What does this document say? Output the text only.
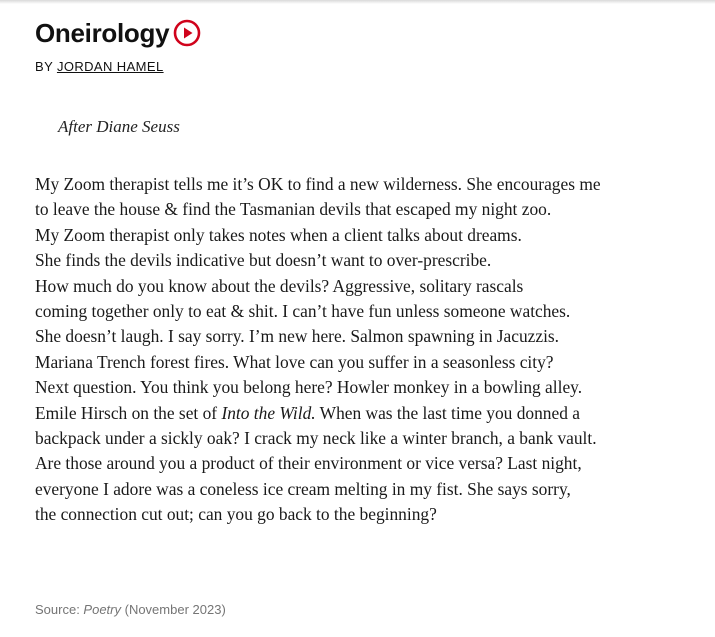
Oneirology
BY JORDAN HAMEL
After Diane Seuss
My Zoom therapist tells me it’s OK to find a new wilderness. She encourages me
to leave the house & find the Tasmanian devils that escaped my night zoo.
My Zoom therapist only takes notes when a client talks about dreams.
She finds the devils indicative but doesn’t want to over-prescribe.
How much do you know about the devils? Aggressive, solitary rascals
coming together only to eat & shit. I can’t have fun unless someone watches.
She doesn’t laugh. I say sorry. I’m new here. Salmon spawning in Jacuzzis.
Mariana Trench forest fires. What love can you suffer in a seasonless city?
Next question. You think you belong here? Howler monkey in a bowling alley.
Emile Hirsch on the set of Into the Wild. When was the last time you donned a
backpack under a sickly oak? I crack my neck like a winter branch, a bank vault.
Are those around you a product of their environment or vice versa? Last night,
everyone I adore was a coneless ice cream melting in my fist. She says sorry,
the connection cut out; can you go back to the beginning?
Source: Poetry (November 2023)
